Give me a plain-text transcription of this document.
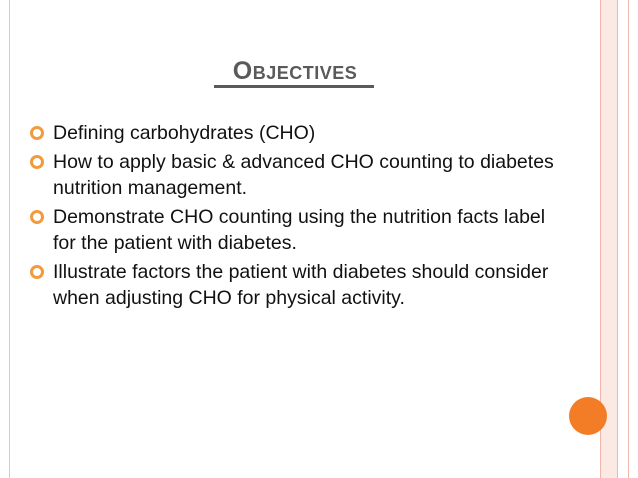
Objectives
Defining carbohydrates (CHO)
How to apply basic & advanced CHO counting to diabetes nutrition management.
Demonstrate CHO counting using the nutrition facts label for the patient with diabetes.
Illustrate factors the patient with diabetes should consider when adjusting CHO for physical activity.
